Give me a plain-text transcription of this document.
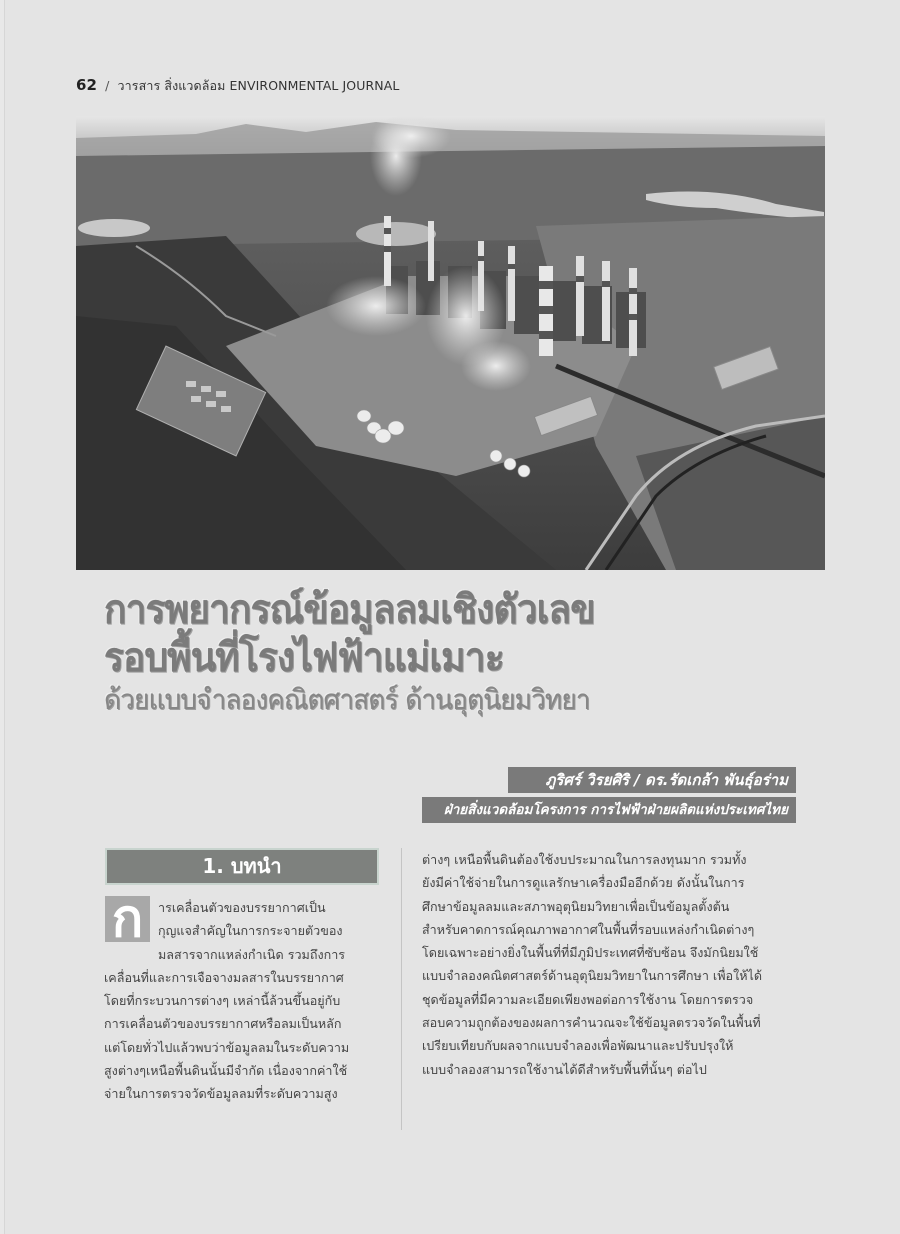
62 / วารสาร สิ่งแวดล้อม ENVIRONMENTAL JOURNAL
การพยากรณ์ข้อมูลลมเชิงตัวเลข
รอบพื้นที่โรงไฟฟ้าแม่เมาะ
ด้วยแบบจำลองคณิตศาสตร์ ด้านอุตุนิยมวิทยา
ภูริศร์ วิรยศิริ / ดร.รัดเกล้า พันธุ์อร่าม
ฝ่ายสิ่งแวดล้อมโครงการ การไฟฟ้าฝ่ายผลิตแห่งประเทศไทย
1. บทนำ
ก	ารเคลื่อนตัวของบรรยากาศเป็น
กุญแจสำคัญในการกระจายตัวของ
มลสารจากแหล่งกำเนิด รวมถึงการ
เคลื่อนที่และการเจือจางมลสารในบรรยากาศ
โดยที่กระบวนการต่างๆ เหล่านี้ล้วนขึ้นอยู่กับ
การเคลื่อนตัวของบรรยากาศหรือลมเป็นหลัก
แต่โดยทั่วไปแล้วพบว่าข้อมูลลมในระดับความ
สูงต่างๆเหนือพื้นดินนั้นมีจำกัด เนื่องจากค่าใช้
จ่ายในการตรวจวัดข้อมูลลมที่ระดับความสูง
ต่างๆ เหนือพื้นดินต้องใช้งบประมาณในการลงทุนมาก รวมทั้ง
ยังมีค่าใช้จ่ายในการดูแลรักษาเครื่องมืออีกด้วย ดังนั้นในการ
ศึกษาข้อมูลลมและสภาพอุตุนิยมวิทยาเพื่อเป็นข้อมูลตั้งต้น
สำหรับคาดการณ์คุณภาพอากาศในพื้นที่รอบแหล่งกำเนิดต่างๆ
โดยเฉพาะอย่างยิ่งในพื้นที่ที่มีภูมิประเทศที่ซับซ้อน จึงมักนิยมใช้
แบบจำลองคณิตศาสตร์ด้านอุตุนิยมวิทยาในการศึกษา เพื่อให้ได้
ชุดข้อมูลที่มีความละเอียดเพียงพอต่อการใช้งาน โดยการตรวจ
สอบความถูกต้องของผลการคำนวณจะใช้ข้อมูลตรวจวัดในพื้นที่
เปรียบเทียบกับผลจากแบบจำลองเพื่อพัฒนาและปรับปรุงให้
แบบจำลองสามารถใช้งานได้ดีสำหรับพื้นที่นั้นๆ ต่อไป
